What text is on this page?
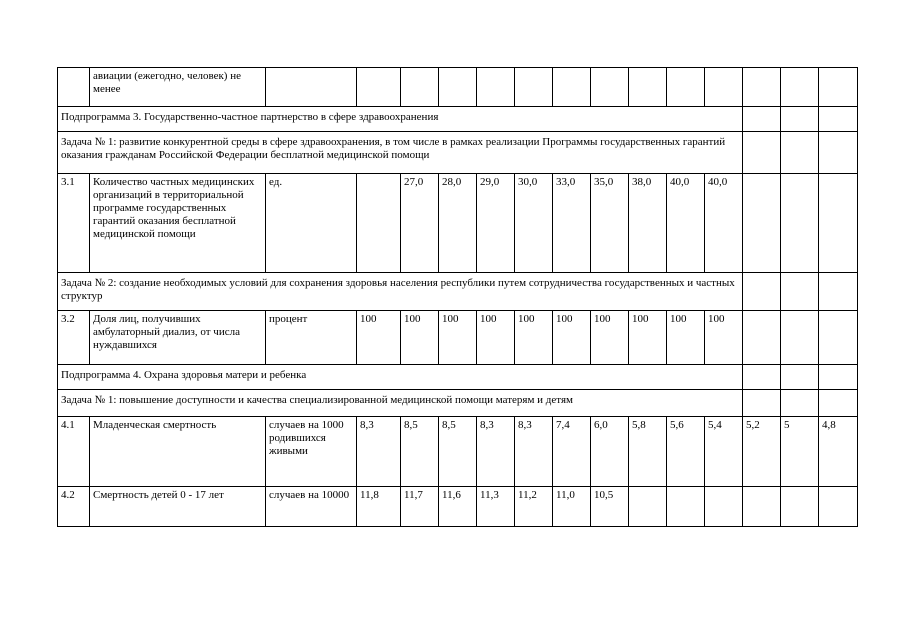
	авиации (ежегодно, человек) не менее														
Подпрограмма 3. Государственно-частное партнерство в сфере здравоохранения															
Задача № 1: развитие конкурентной среды в сфере здравоохранения, в том числе в рамках реализации Программы государственных гарантий оказания гражданам Российской Федерации бесплатной медицинской помощи															
3.1	Количество частных медицинских организаций в территориальной программе государственных гарантий оказания бесплатной медицинской помощи	ед.		27,0	28,0	29,0	30,0	33,0	35,0	38,0	40,0	40,0			
Задача № 2: создание необходимых условий для сохранения здоровья населения республики путем сотрудничества государственных и частных структур															
3.2	Доля лиц, получивших амбулаторный диализ, от числа нуждавшихся	процент	100	100	100	100	100	100	100	100	100	100			
Подпрограмма 4. Охрана здоровья матери и ребенка															
Задача № 1: повышение доступности и качества специализированной медицинской помощи матерям и детям															
4.1	Младенческая смертность	случаев на 1000 родившихся живыми	8,3	8,5	8,5	8,3	8,3	7,4	6,0	5,8	5,6	5,4	5,2	5	4,8
4.2	Смертность детей 0 - 17 лет	случаев на 10000	11,8	11,7	11,6	11,3	11,2	11,0	10,5						
